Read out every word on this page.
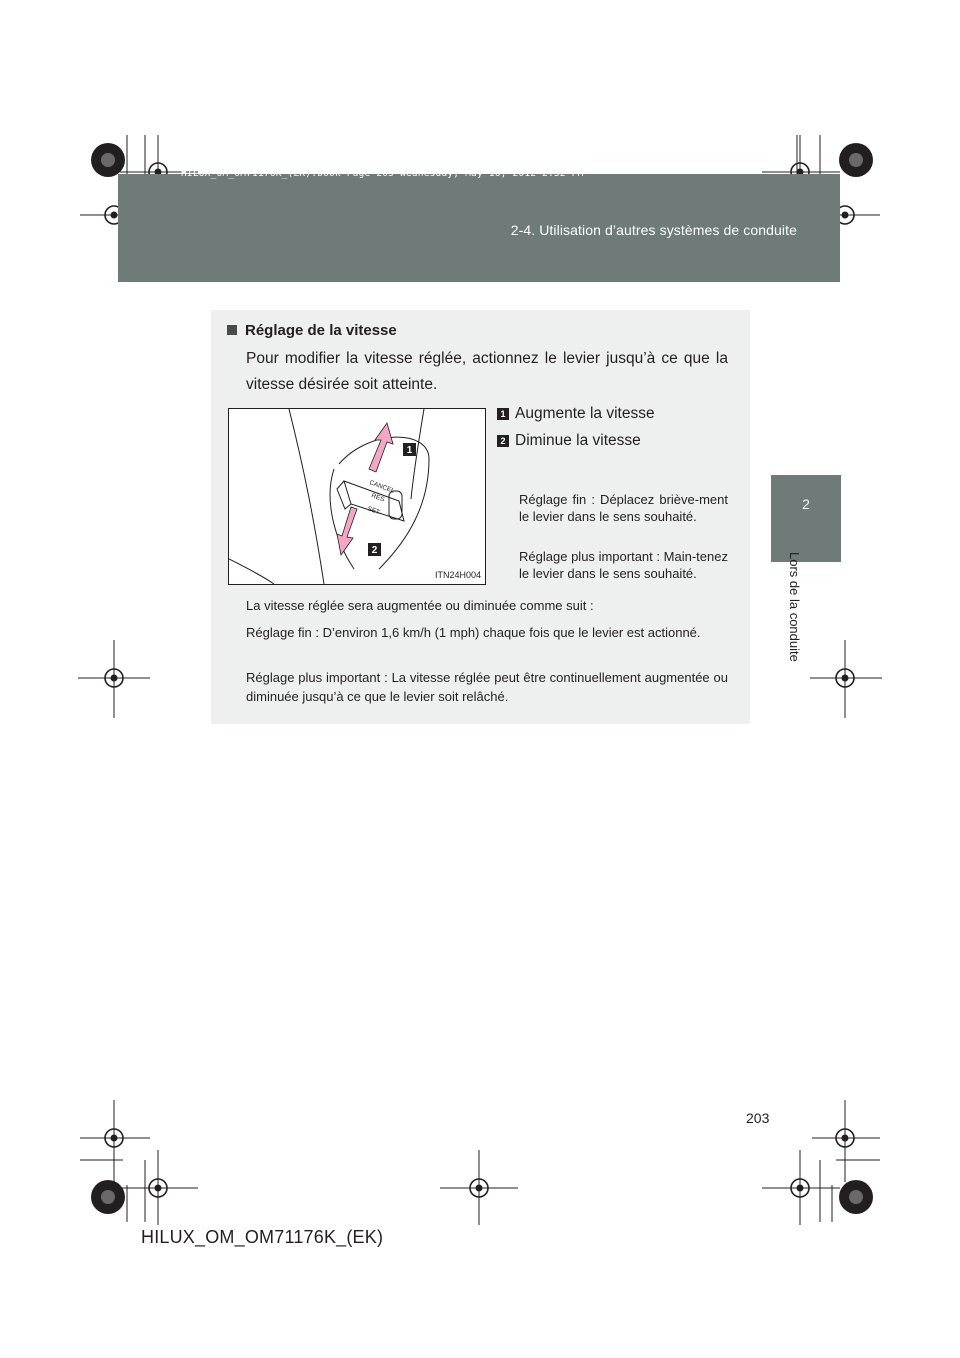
HILUX_OM_OM71176K_(EK).book Page 203 Wednesday, May 16, 2012 2:32 PM
2-4. Utilisation d’autres systèmes de conduite
2
Lors de la conduite
Réglage de la vitesse
Pour modifier la vitesse réglée, actionnez le levier jusqu’à ce que la vitesse désirée soit atteinte.
CANCEL
RES
SET
1
2
ITN24H004
1 Augmente la vitesse
2 Diminue la vitesse
Réglage fin : Déplacez briève-ment le levier dans le sens souhaité.
Réglage plus important : Main-tenez le levier dans le sens souhaité.
La vitesse réglée sera augmentée ou diminuée comme suit :
Réglage fin : D’environ 1,6 km/h (1 mph) chaque fois que le levier est actionné.
Réglage plus important : La vitesse réglée peut être continuellement augmentée ou diminuée jusqu’à ce que le levier soit relâché.
203
HILUX_OM_OM71176K_(EK)
